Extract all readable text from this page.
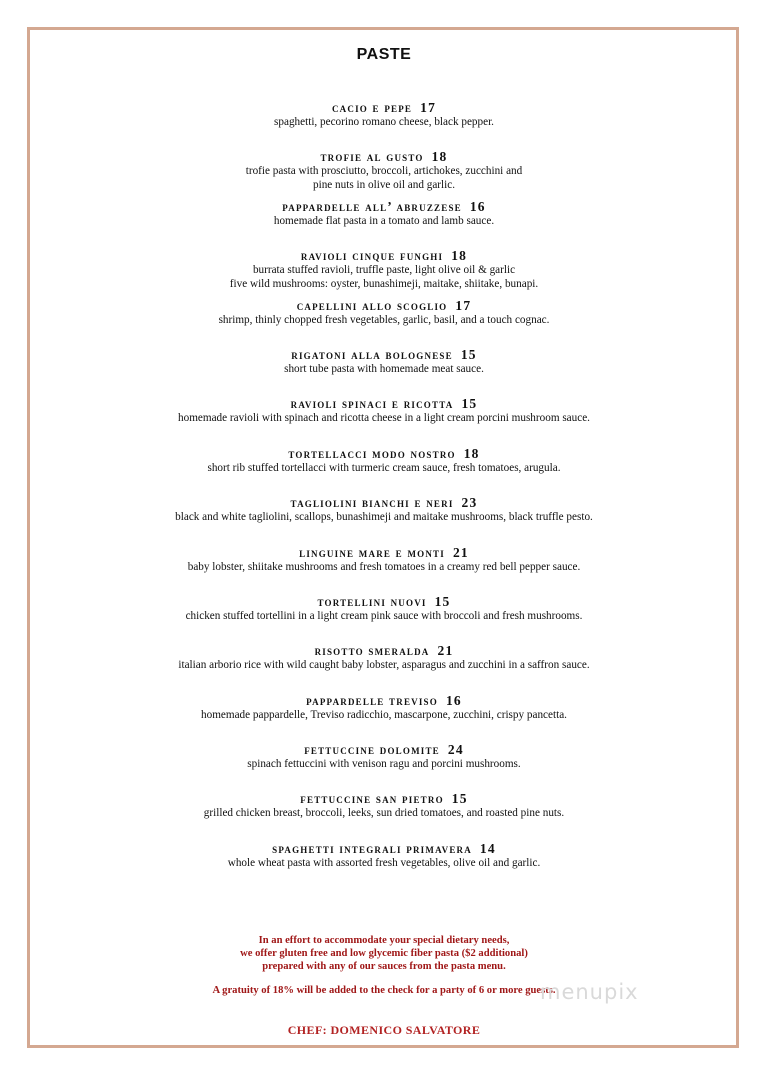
PASTE
cacio e pepe 17
spaghetti, pecorino romano cheese, black pepper.
trofie al gusto 18
trofie pasta with prosciutto, broccoli, artichokes, zucchini and
pine nuts in olive oil and garlic.
pappardelle all’ abruzzese 16
homemade flat pasta in a tomato and lamb sauce.
ravioli cinque funghi 18
burrata stuffed ravioli, truffle paste, light olive oil & garlic
five wild mushrooms: oyster, bunashimeji, maitake, shiitake, bunapi.
capellini allo scoglio 17
shrimp, thinly chopped fresh vegetables, garlic, basil, and a touch cognac.
rigatoni alla bolognese 15
short tube pasta with homemade meat sauce.
ravioli spinaci e ricotta 15
homemade ravioli with spinach and ricotta cheese in a light cream porcini mushroom sauce.
tortellacci modo nostro 18
short rib stuffed tortellacci with turmeric cream sauce, fresh tomatoes, arugula.
tagliolini bianchi e neri 23
black and white tagliolini, scallops, bunashimeji and maitake mushrooms, black truffle pesto.
linguine mare e monti 21
baby lobster, shiitake mushrooms and fresh tomatoes in a creamy red bell pepper sauce.
tortellini nuovi 15
chicken stuffed tortellini in a light cream pink sauce with broccoli and fresh mushrooms.
risotto smeralda 21
italian arborio rice with wild caught baby lobster, asparagus and zucchini in a saffron sauce.
pappardelle treviso 16
homemade pappardelle, Treviso radicchio, mascarpone, zucchini, crispy pancetta.
fettuccine dolomite 24
spinach fettuccini with venison ragu and porcini mushrooms.
fettuccine san pietro 15
grilled chicken breast, broccoli, leeks, sun dried tomatoes, and roasted pine nuts.
spaghetti integrali primavera 14
whole wheat pasta with assorted fresh vegetables, olive oil and garlic.
In an effort to accommodate your special dietary needs,
we offer gluten free and low glycemic fiber pasta ($2 additional)
prepared with any of our sauces from the pasta menu.
A gratuity of 18% will be added to the check for a party of 6 or more guests.
CHEF: DOMENICO SALVATORE
menupix
